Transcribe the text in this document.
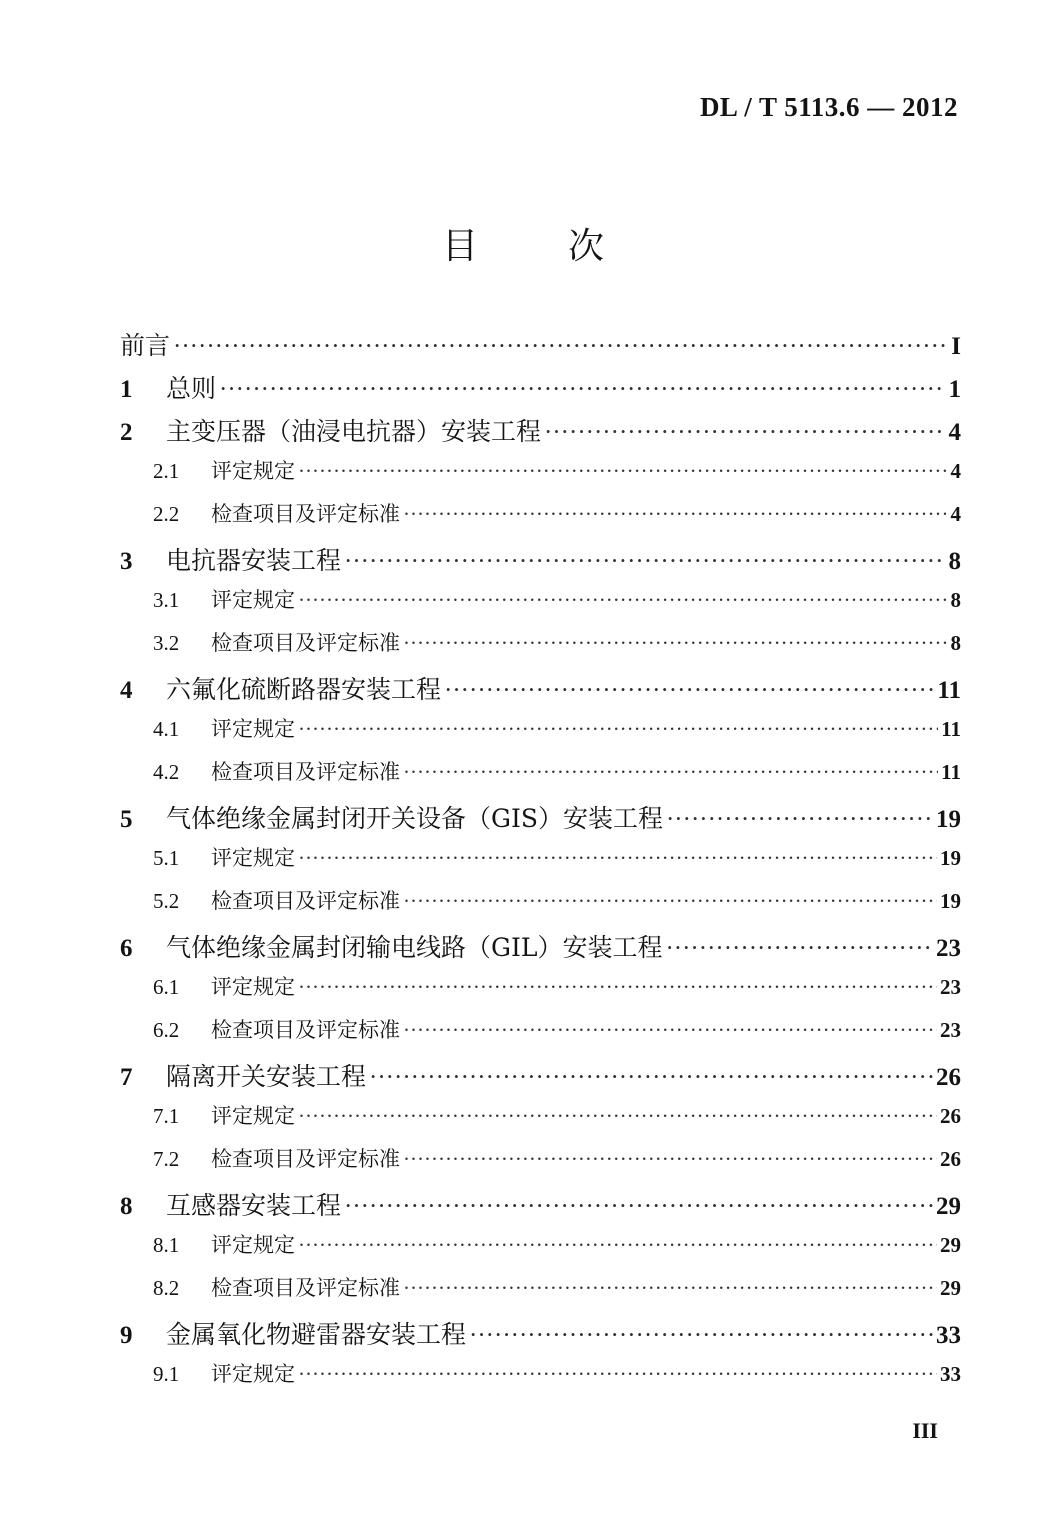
DL / T 5113.6 — 2012
目	次
前言 ·····	I
1	总则 ·····	1
2	主变压器（油浸电抗器）安装工程 ·····	4
2.1	评定规定 ·····	4
2.2	检查项目及评定标准 ·····	4
3	电抗器安装工程 ·····	8
3.1	评定规定 ·····	8
3.2	检查项目及评定标准 ·····	8
4	六氟化硫断路器安装工程 ·····	11
4.1	评定规定 ·····	11
4.2	检查项目及评定标准 ·····	11
5	气体绝缘金属封闭开关设备（GIS）安装工程 ·····	19
5.1	评定规定 ·····	19
5.2	检查项目及评定标准 ·····	19
6	气体绝缘金属封闭输电线路（GIL）安装工程 ·····	23
6.1	评定规定 ·····	23
6.2	检查项目及评定标准 ·····	23
7	隔离开关安装工程 ·····	26
7.1	评定规定 ·····	26
7.2	检查项目及评定标准 ·····	26
8	互感器安装工程 ·····	29
8.1	评定规定 ·····	29
8.2	检查项目及评定标准 ·····	29
9	金属氧化物避雷器安装工程 ·····	33
9.1	评定规定 ·····	33
III
